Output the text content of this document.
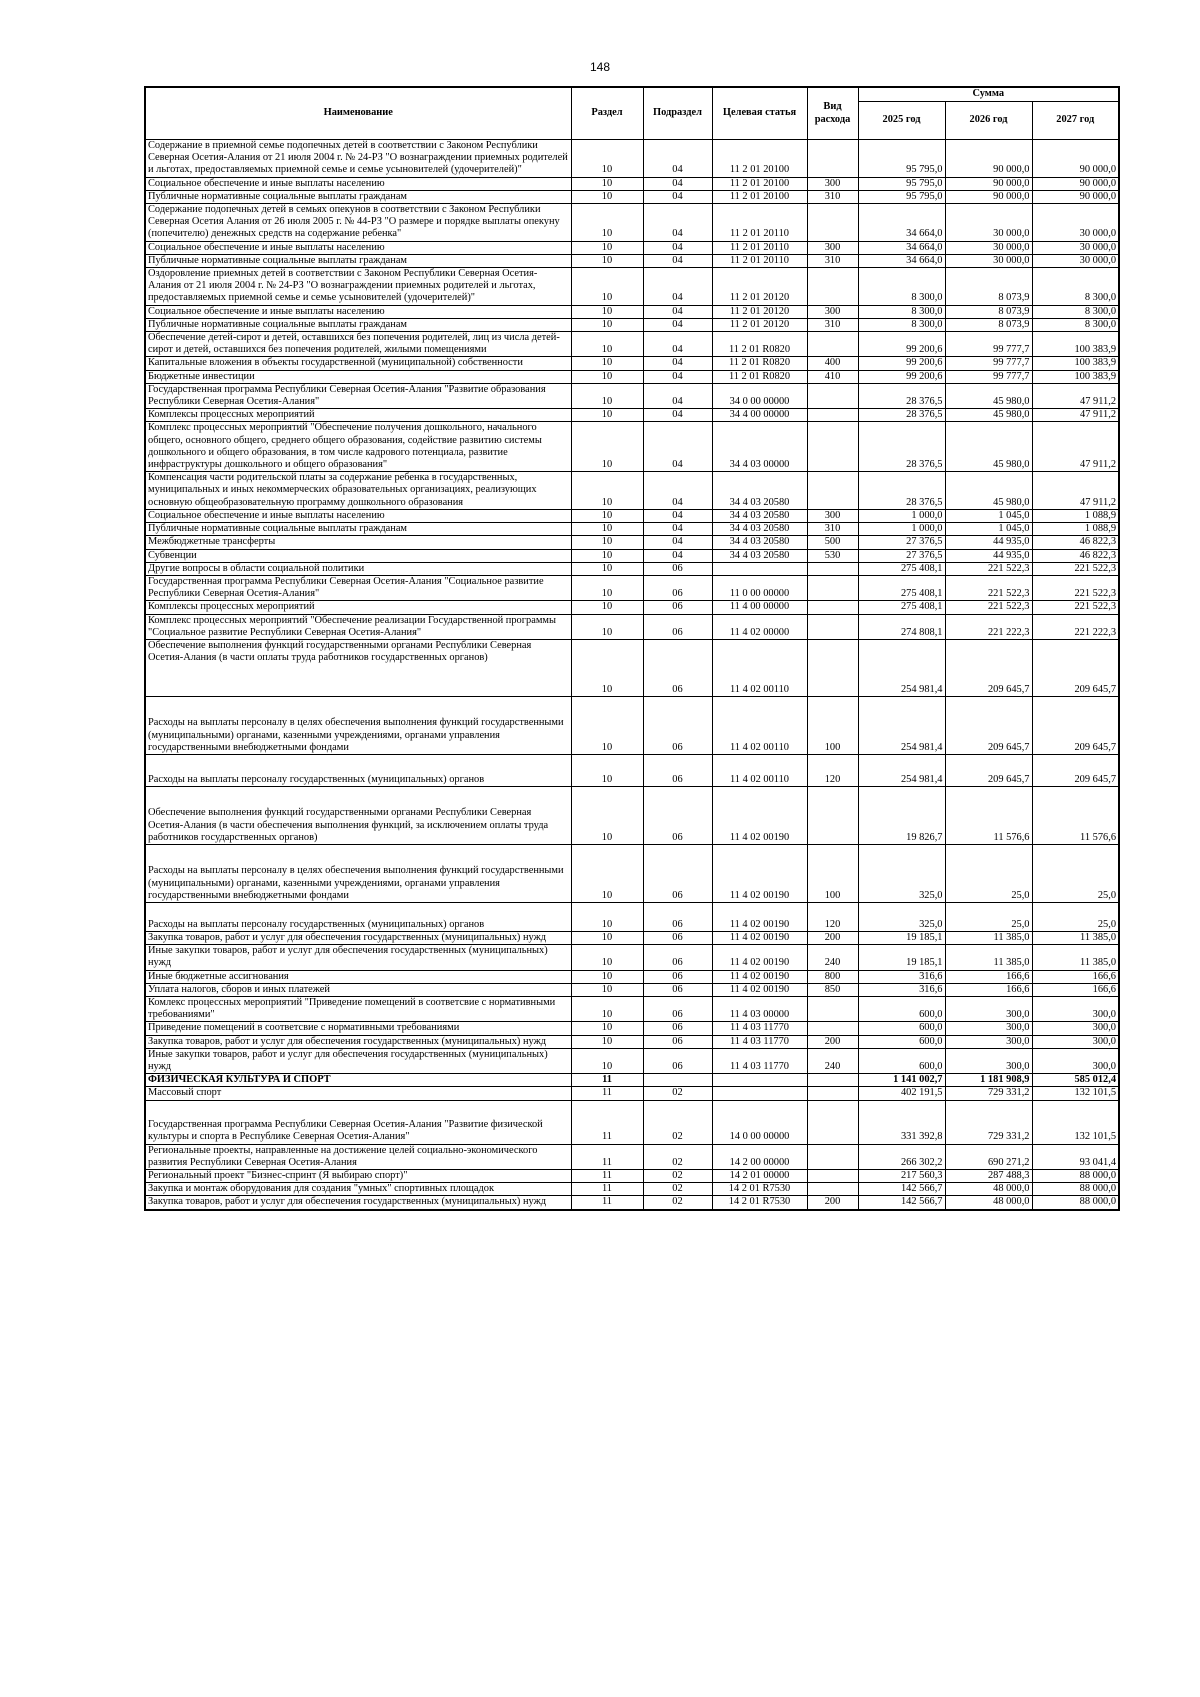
148
Наименование	Раздел	Подраздел	Целевая статья	Вид расхода	Сумма		
					2025 год	2026 год	2027 год
Содержание в приемной семье подопечных детей в соответствии с Законом Республики Северная Осетия-Алания от 21 июля 2004 г. № 24-РЗ "О вознаграждении приемных родителей и льготах, предоставляемых приемной семье и семье усыновителей (удочерителей)"	10	04	11 2 01 20100		95 795,0	90 000,0	90 000,0
Социальное обеспечение и иные выплаты населению	10	04	11 2 01 20100	300	95 795,0	90 000,0	90 000,0
Публичные нормативные социальные выплаты гражданам	10	04	11 2 01 20100	310	95 795,0	90 000,0	90 000,0
Содержание подопечных детей в семьях опекунов в соответствии с Законом Республики Северная Осетия Алания от 26 июля 2005 г. № 44-РЗ "О размере и порядке выплаты опекуну (попечителю) денежных средств на содержание ребенка"	10	04	11 2 01 20110		34 664,0	30 000,0	30 000,0
Социальное обеспечение и иные выплаты населению	10	04	11 2 01 20110	300	34 664,0	30 000,0	30 000,0
Публичные нормативные социальные выплаты гражданам	10	04	11 2 01 20110	310	34 664,0	30 000,0	30 000,0
Оздоровление приемных детей в соответствии с Законом Республики Северная Осетия-Алания от 21 июля 2004 г. № 24-РЗ "О вознаграждении приемных родителей и льготах, предоставляемых приемной семье и семье усыновителей (удочерителей)"	10	04	11 2 01 20120		8 300,0	8 073,9	8 300,0
Социальное обеспечение и иные выплаты населению	10	04	11 2 01 20120	300	8 300,0	8 073,9	8 300,0
Публичные нормативные социальные выплаты гражданам	10	04	11 2 01 20120	310	8 300,0	8 073,9	8 300,0
Обеспечение детей-сирот и детей, оставшихся без попечения родителей, лиц из числа детей-сирот и детей, оставшихся без попечения родителей, жилыми помещениями	10	04	11 2 01 R0820		99 200,6	99 777,7	100 383,9
Капитальные вложения в объекты государственной (муниципальной) собственности	10	04	11 2 01 R0820	400	99 200,6	99 777,7	100 383,9
Бюджетные инвестиции	10	04	11 2 01 R0820	410	99 200,6	99 777,7	100 383,9
Государственная программа Республики Северная Осетия-Алания "Развитие образования Республики Северная Осетия-Алания"	10	04	34 0 00 00000		28 376,5	45 980,0	47 911,2
Комплексы процессных мероприятий	10	04	34 4 00 00000		28 376,5	45 980,0	47 911,2
Комплекс процессных мероприятий "Обеспечение получения дошкольного, начального общего, основного общего, среднего общего образования, содействие развитию системы дошкольного и общего образования, в том числе кадрового потенциала, развитие инфраструктуры дошкольного и общего образования"	10	04	34 4 03 00000		28 376,5	45 980,0	47 911,2
Компенсация части родительской платы за содержание ребенка в государственных, муниципальных и иных некоммерческих образовательных организациях, реализующих основную общеобразовательную программу дошкольного образования	10	04	34 4 03 20580		28 376,5	45 980,0	47 911,2
Социальное обеспечение и иные выплаты населению	10	04	34 4 03 20580	300	1 000,0	1 045,0	1 088,9
Публичные нормативные социальные выплаты гражданам	10	04	34 4 03 20580	310	1 000,0	1 045,0	1 088,9
Межбюджетные трансферты	10	04	34 4 03 20580	500	27 376,5	44 935,0	46 822,3
Субвенции	10	04	34 4 03 20580	530	27 376,5	44 935,0	46 822,3
Другие вопросы в области социальной политики	10	06			275 408,1	221 522,3	221 522,3
Государственная программа Республики Северная Осетия-Алания "Социальное развитие Республики Северная Осетия-Алания"	10	06	11 0 00 00000		275 408,1	221 522,3	221 522,3
Комплексы процессных мероприятий	10	06	11 4 00 00000		275 408,1	221 522,3	221 522,3
Комплекс процессных мероприятий "Обеспечение реализации Государственной программы "Социальное развитие Республики Северная Осетия-Алания"	10	06	11 4 02 00000		274 808,1	221 222,3	221 222,3
Обеспечение выполнения функций государственными органами Республики Северная Осетия-Алания (в части оплаты труда работников государственных органов)	10	06	11 4 02 00110		254 981,4	209 645,7	209 645,7
Расходы на выплаты персоналу в целях обеспечения выполнения функций государственными (муниципальными) органами, казенными учреждениями, органами управления государственными внебюджетными фондами	10	06	11 4 02 00110	100	254 981,4	209 645,7	209 645,7
Расходы на выплаты персоналу государственных (муниципальных) органов	10	06	11 4 02 00110	120	254 981,4	209 645,7	209 645,7
Обеспечение выполнения функций государственными органами Республики Северная Осетия-Алания (в части обеспечения выполнения функций, за исключением оплаты труда работников государственных органов)	10	06	11 4 02 00190		19 826,7	11 576,6	11 576,6
Расходы на выплаты персоналу в целях обеспечения выполнения функций государственными (муниципальными) органами, казенными учреждениями, органами управления государственными внебюджетными фондами	10	06	11 4 02 00190	100	325,0	25,0	25,0
Расходы на выплаты персоналу государственных (муниципальных) органов	10	06	11 4 02 00190	120	325,0	25,0	25,0
Закупка товаров, работ и услуг для обеспечения государственных (муниципальных) нужд	10	06	11 4 02 00190	200	19 185,1	11 385,0	11 385,0
Иные закупки товаров, работ и услуг для обеспечения государственных (муниципальных) нужд	10	06	11 4 02 00190	240	19 185,1	11 385,0	11 385,0
Иные бюджетные ассигнования	10	06	11 4 02 00190	800	316,6	166,6	166,6
Уплата налогов, сборов и иных платежей	10	06	11 4 02 00190	850	316,6	166,6	166,6
Комлекс процессных мероприятий "Приведение помещений в соответсвие с нормативными требованиями"	10	06	11 4 03 00000		600,0	300,0	300,0
Приведение помещений в соответсвие с нормативными требованиями	10	06	11 4 03 11770		600,0	300,0	300,0
Закупка товаров, работ и услуг для обеспечения государственных (муниципальных) нужд	10	06	11 4 03 11770	200	600,0	300,0	300,0
Иные закупки товаров, работ и услуг для обеспечения государственных (муниципальных) нужд	10	06	11 4 03 11770	240	600,0	300,0	300,0
ФИЗИЧЕСКАЯ КУЛЬТУРА И СПОРТ	11				1 141 002,7	1 181 908,9	585 012,4
Массовый спорт	11	02			402 191,5	729 331,2	132 101,5
Государственная программа Республики Северная Осетия-Алания "Развитие физической культуры и спорта в Республике Северная Осетия-Алания"	11	02	14 0 00 00000		331 392,8	729 331,2	132 101,5
Региональные проекты, направленные на достижение целей социально-экономического развития Республики Северная Осетия-Алания	11	02	14 2 00 00000		266 302,2	690 271,2	93 041,4
Региональный проект "Бизнес-спринт (Я выбираю спорт)"	11	02	14 2 01 00000		217 560,3	287 488,3	88 000,0
Закупка и монтаж оборудования для создания "умных" спортивных площадок	11	02	14 2 01 R7530		142 566,7	48 000,0	88 000,0
Закупка товаров, работ и услуг для обеспечения государственных (муниципальных) нужд	11	02	14 2 01 R7530	200	142 566,7	48 000,0	88 000,0
